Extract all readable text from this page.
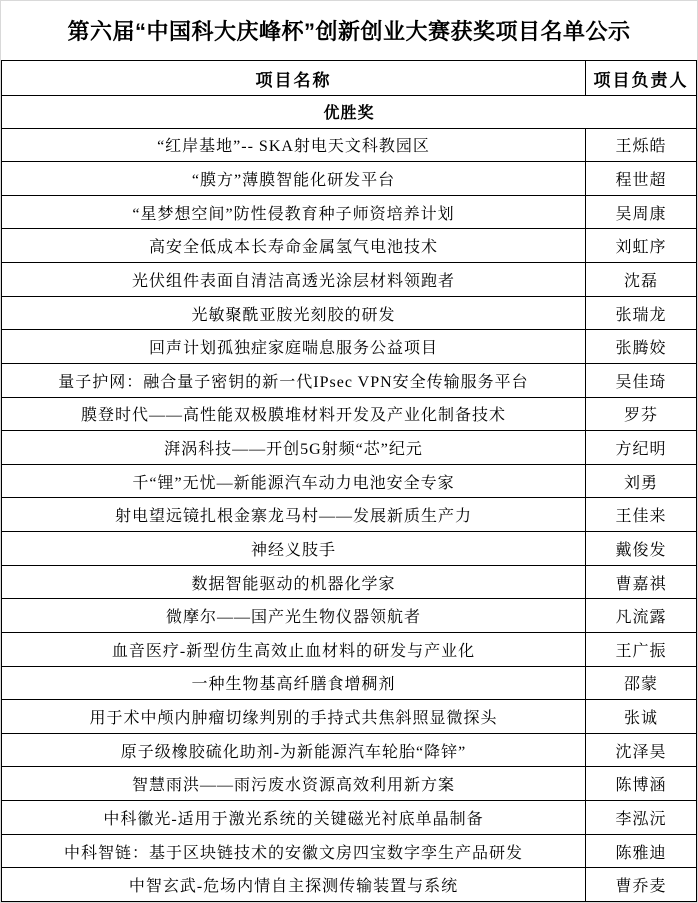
第六届“中国科大庆峰杯”创新创业大赛获奖项目名单公示
项目名称	项目负责人
优胜奖	
“红岸基地”-- SKA射电天文科教园区	王烁皓
“膜方”薄膜智能化研发平台	程世超
“星梦想空间”防性侵教育种子师资培养计划	吴周康
高安全低成本长寿命金属氢气电池技术	刘虹序
光伏组件表面自清洁高透光涂层材料领跑者	沈磊
光敏聚酰亚胺光刻胶的研发	张瑞龙
回声计划孤独症家庭喘息服务公益项目	张腾姣
量子护网：融合量子密钥的新一代IPsec VPN安全传输服务平台	吴佳琦
膜登时代——高性能双极膜堆材料开发及产业化制备技术	罗芬
湃涡科技——开创5G射频“芯”纪元	方纪明
千“锂”无忧—新能源汽车动力电池安全专家	刘勇
射电望远镜扎根金寨龙马村——发展新质生产力	王佳来
神经义肢手	戴俊发
数据智能驱动的机器化学家	曹嘉祺
微摩尔——国产光生物仪器领航者	凡流露
血音医疗-新型仿生高效止血材料的研发与产业化	王广振
一种生物基高纤膳食增稠剂	邵蒙
用于术中颅内肿瘤切缘判别的手持式共焦斜照显微探头	张诚
原子级橡胶硫化助剂-为新能源汽车轮胎“降锌”	沈泽昊
智慧雨洪——雨污废水资源高效利用新方案	陈博涵
中科徽光-适用于激光系统的关键磁光衬底单晶制备	李泓沅
中科智链：基于区块链技术的安徽文房四宝数字孪生产品研发	陈雅迪
中智玄武-危场内情自主探测传输装置与系统	曹乔麦
